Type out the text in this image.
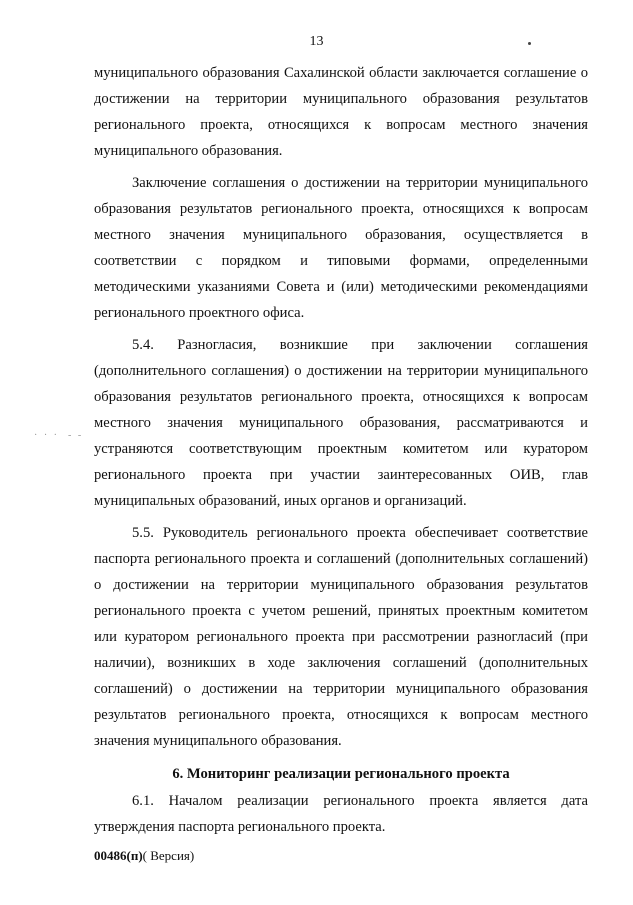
13

муниципального образования Сахалинской области заключается соглашение о достижении на территории муниципального образования результатов регионального проекта, относящихся к вопросам местного значения муниципального образования.

Заключение соглашения о достижении на территории муниципального образования результатов регионального проекта, относящихся к вопросам местного значения муниципального образования, осуществляется в соответствии с порядком и типовыми формами, определенными методическими указаниями Совета и (или) методическими рекомендациями регионального проектного офиса.

5.4. Разногласия, возникшие при заключении соглашения (дополнительного соглашения) о достижении на территории муниципального образования результатов регионального проекта, относящихся к вопросам местного значения муниципального образования, рассматриваются и устраняются соответствующим проектным комитетом или куратором регионального проекта при участии заинтересованных ОИВ, глав муниципальных образований, иных органов и организаций.

5.5. Руководитель регионального проекта обеспечивает соответствие паспорта регионального проекта и соглашений (дополнительных соглашений) о достижении на территории муниципального образования результатов регионального проекта с учетом решений, принятых проектным комитетом или куратором регионального проекта при рассмотрении разногласий (при наличии), возникших в ходе заключения соглашений (дополнительных соглашений) о достижении на территории муниципального образования результатов регионального проекта, относящихся к вопросам местного значения муниципального образования.

6. Мониторинг реализации регионального проекта

6.1. Началом реализации регионального проекта является дата утверждения паспорта регионального проекта.

00486(п)( Версия)

· · ·  - -
